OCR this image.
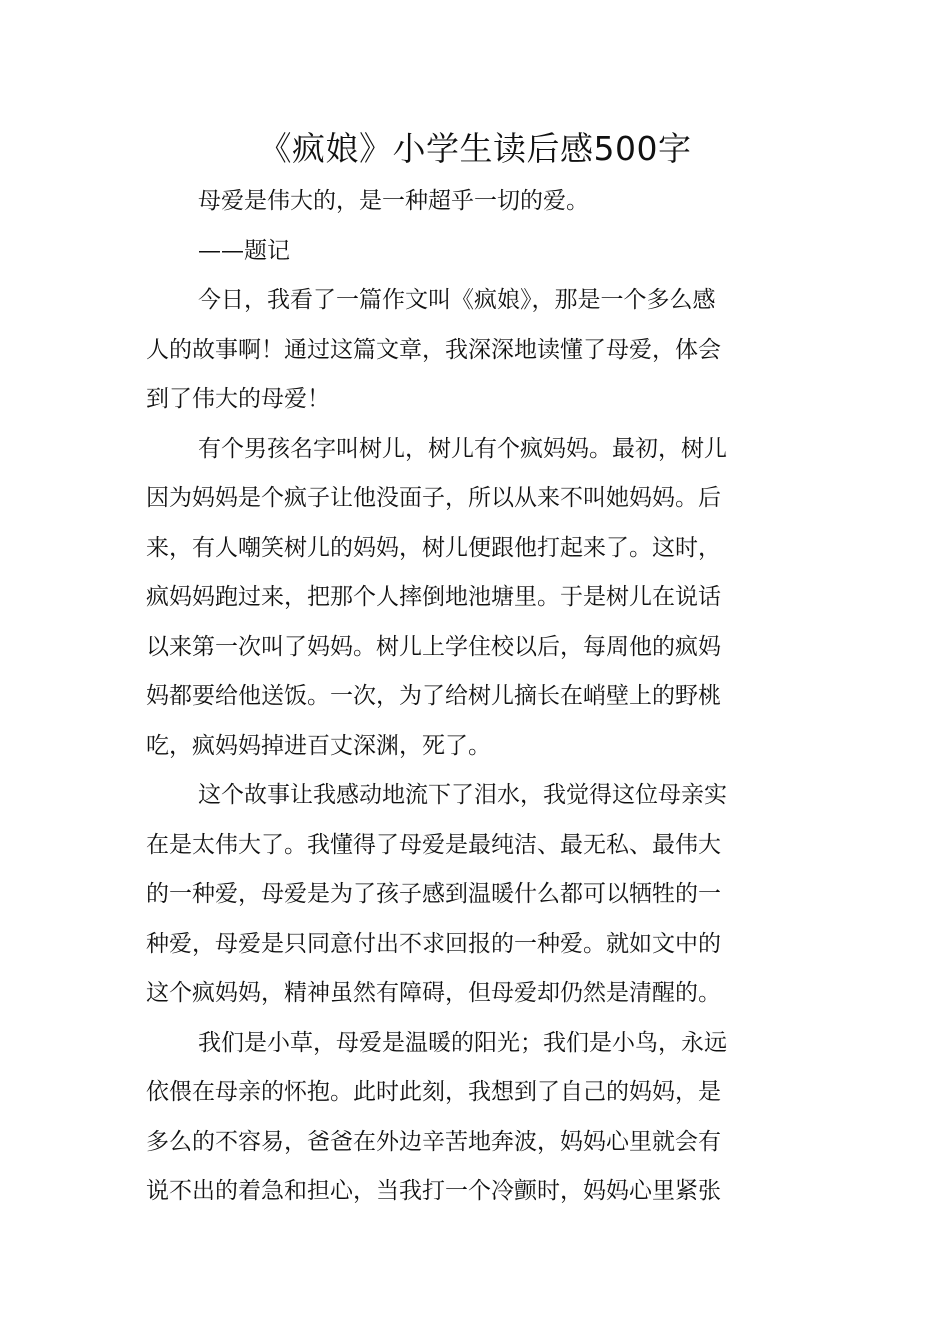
《疯娘》小学生读后感500字
母爱是伟大的，是一种超乎一切的爱。
——题记
今日，我看了一篇作文叫《疯娘》，那是一个多么感
人的故事啊！通过这篇文章，我深深地读懂了母爱，体会
到了伟大的母爱！
有个男孩名字叫树儿，树儿有个疯妈妈。最初，树儿
因为妈妈是个疯子让他没面子，所以从来不叫她妈妈。后
来，有人嘲笑树儿的妈妈，树儿便跟他打起来了。这时，
疯妈妈跑过来，把那个人摔倒地池塘里。于是树儿在说话
以来第一次叫了妈妈。树儿上学住校以后，每周他的疯妈
妈都要给他送饭。一次，为了给树儿摘长在峭壁上的野桃
吃，疯妈妈掉进百丈深渊，死了。
这个故事让我感动地流下了泪水，我觉得这位母亲实
在是太伟大了。我懂得了母爱是最纯洁、最无私、最伟大
的一种爱，母爱是为了孩子感到温暖什么都可以牺牲的一
种爱，母爱是只同意付出不求回报的一种爱。就如文中的
这个疯妈妈，精神虽然有障碍，但母爱却仍然是清醒的。
我们是小草，母爱是温暖的阳光；我们是小鸟，永远
依偎在母亲的怀抱。此时此刻，我想到了自己的妈妈，是
多么的不容易，爸爸在外边辛苦地奔波，妈妈心里就会有
说不出的着急和担心，当我打一个冷颤时，妈妈心里紧张
